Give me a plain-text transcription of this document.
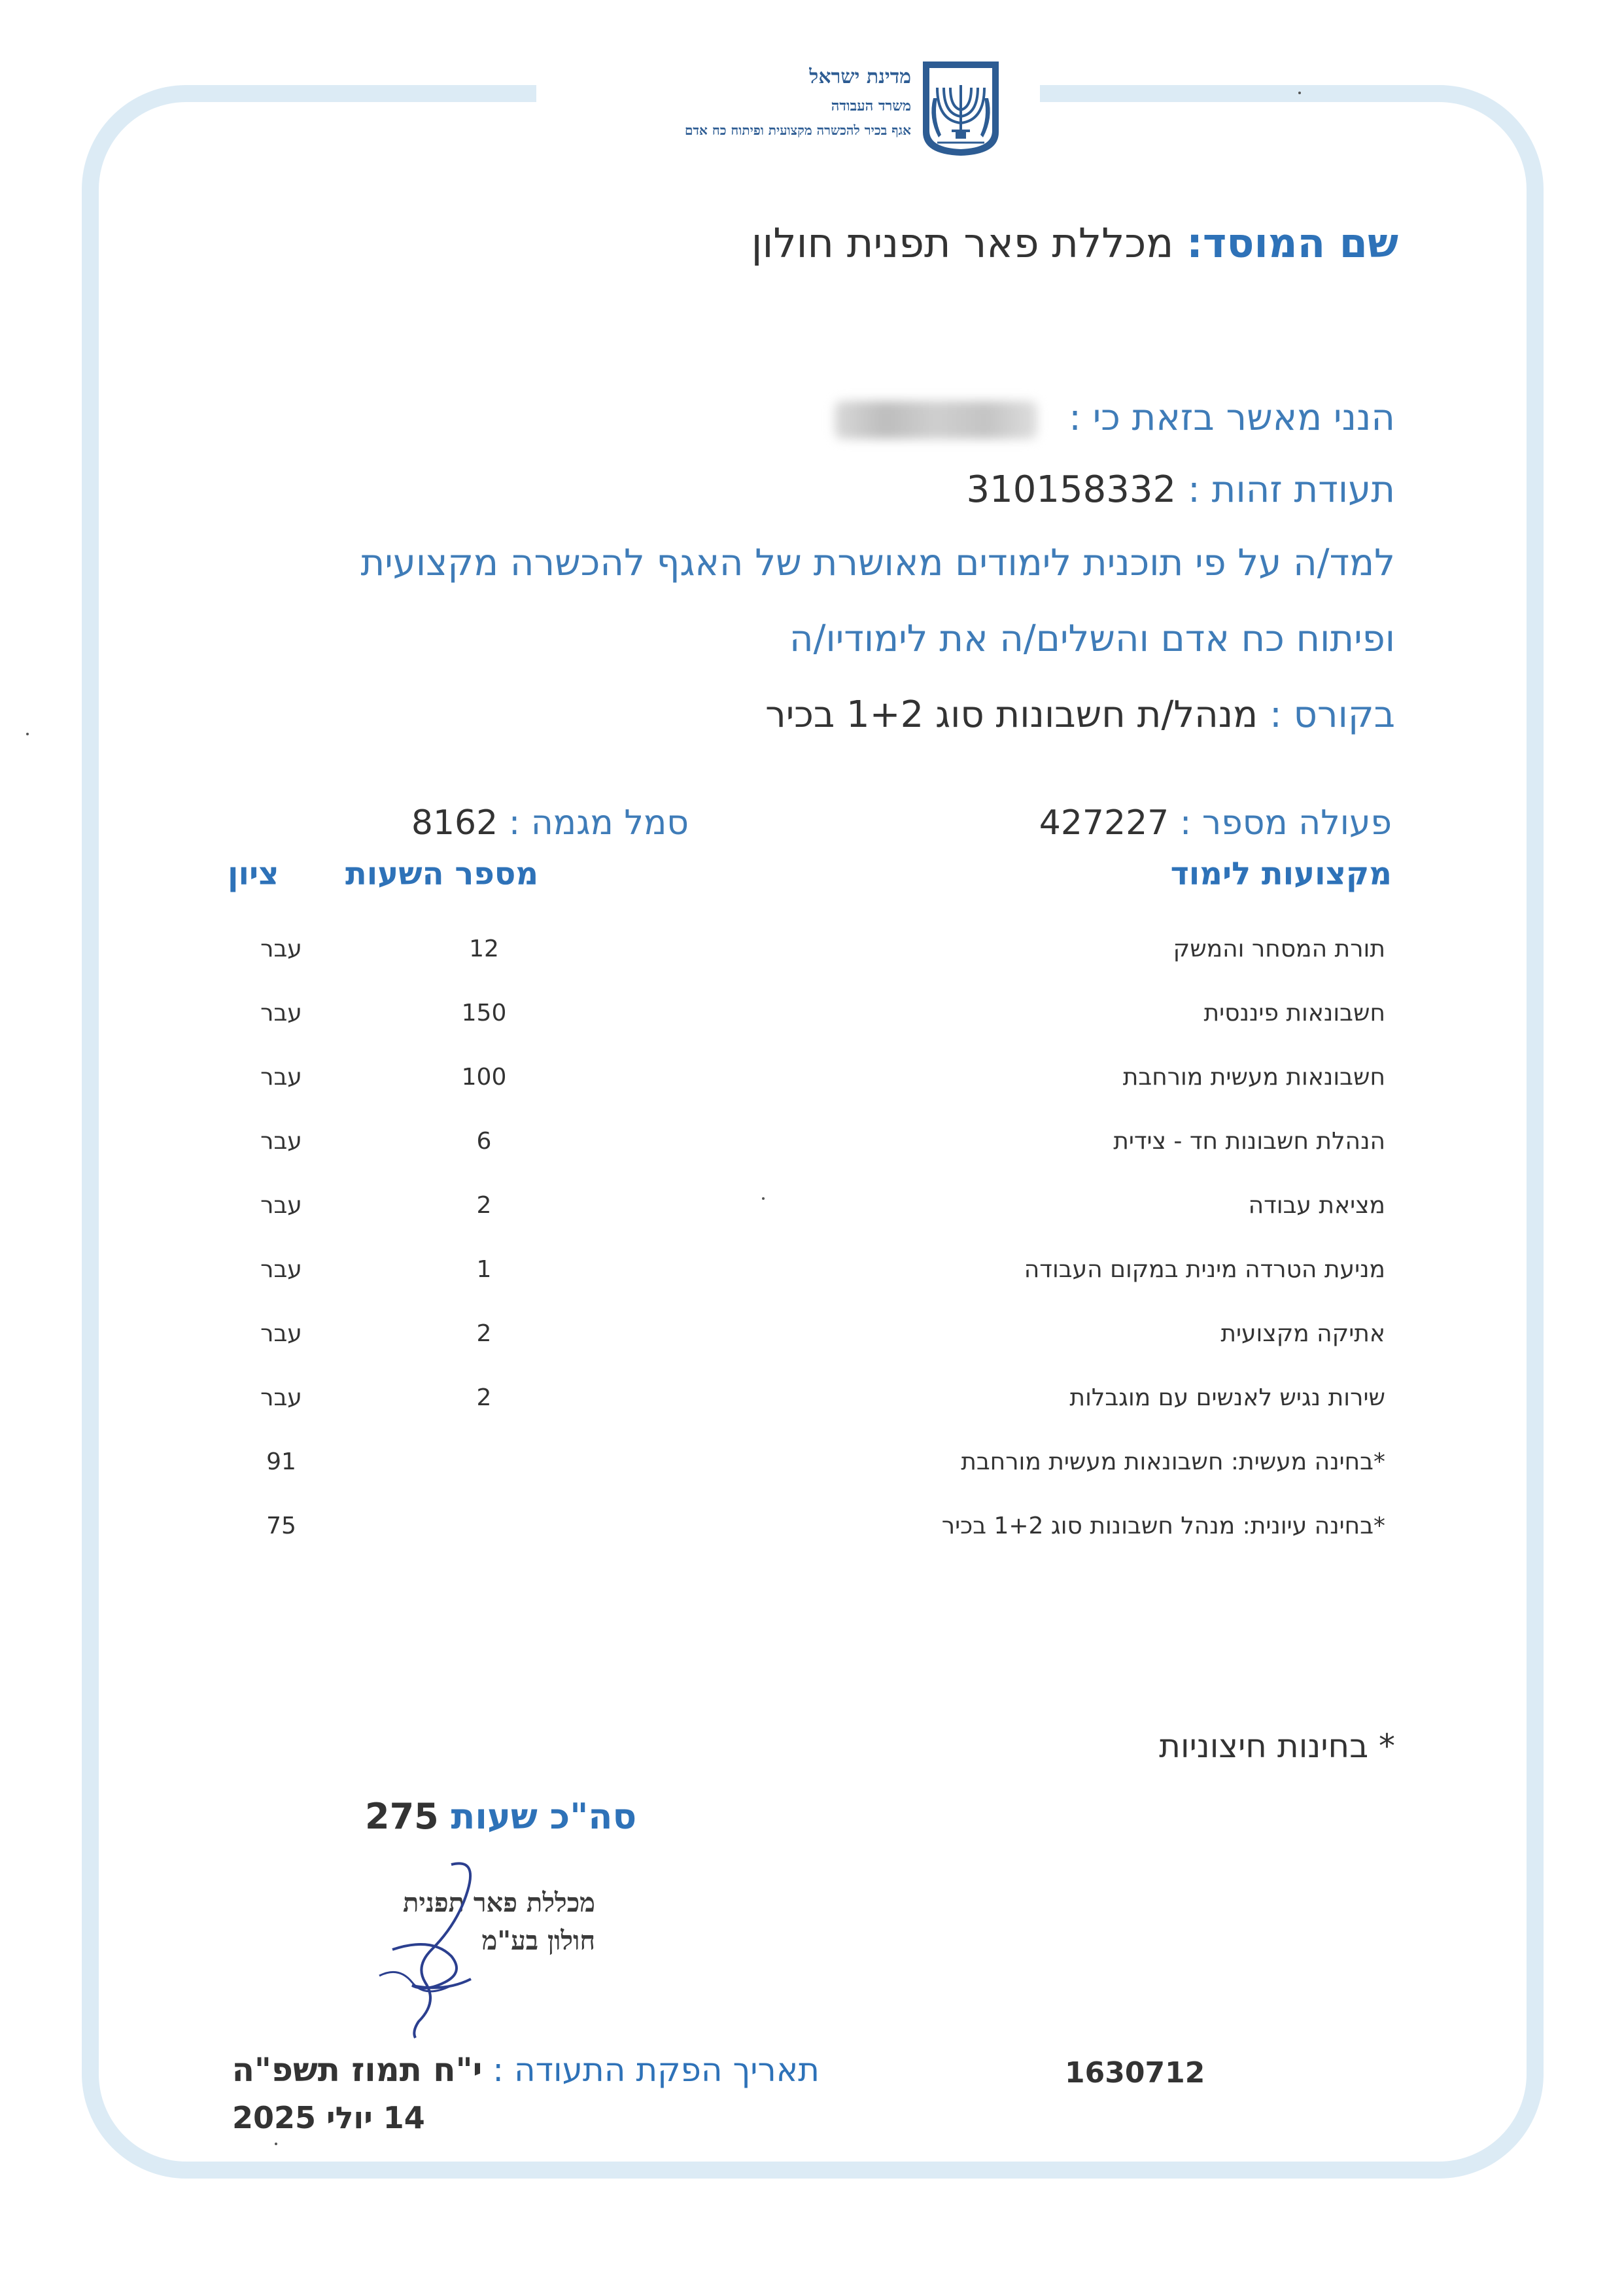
מדינת ישראל
משרד העבודה
אגף בכיר להכשרה מקצועית ופיתוח כח אדם
שם המוסד: מכללת פאר תפנית חולון
הנני מאשר בזאת כי :
תעודת זהות : 310158332
למד/ה על פי תוכנית לימודים מאושרת של האגף להכשרה מקצועית
ופיתוח כח אדם והשלים/ה את לימודיו/ה
בקורס : מנהל/ת חשבונות סוג 1+2 בכיר
פעולה מספר : 427227
סמל מגמה : 8162
מקצועות לימוד
מספר השעות
ציון
תורת המסחר והמשק
12
עבר
חשבונאות פיננסית
150
עבר
חשבונאות מעשית מורחבת
100
עבר
הנהלת חשבונות חד - צידית
6
עבר
מציאת עבודה
2
עבר
מניעת הטרדה מינית במקום העבודה
1
עבר
אתיקה מקצועית
2
עבר
שירות נגיש לאנשים עם מוגבלות
2
עבר
*בחינה מעשית: חשבונאות מעשית מורחבת
91
*בחינה עיונית: מנהל חשבונות סוג 1+2 בכיר
75
* בחינות חיצוניות
סה"כ שעות 275
מכללת פאר תפנית
חולון בע"מ
תאריך הפקת התעודה : י"ח תמוז תשפ"ה
14 יולי 2025
1630712
